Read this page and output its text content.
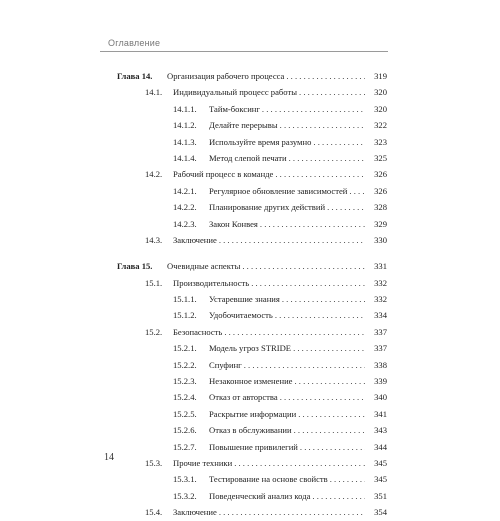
Оглавление
Глава 14. Организация рабочего процесса . . .	319
14.1. Индивидуальный процесс работы . . .	320
14.1.1. Тайм-боксинг . . .	320
14.1.2. Делайте перерывы . . .	322
14.1.3. Используйте время разумно . . .	323
14.1.4. Метод слепой печати . . .	325
14.2. Рабочий процесс в команде . . .	326
14.2.1. Регулярное обновление зависимостей . . .	326
14.2.2. Планирование других действий . . .	328
14.2.3. Закон Конвея . . .	329
14.3. Заключение . . .	330
Глава 15. Очевидные аспекты . . .	331
15.1. Производительность . . .	332
15.1.1. Устаревшие знания . . .	332
15.1.2. Удобочитаемость . . .	334
15.2. Безопасность . . .	337
15.2.1. Модель угроз STRIDE . . .	337
15.2.2. Спуфинг . . .	338
15.2.3. Незаконное изменение . . .	339
15.2.4. Отказ от авторства . . .	340
15.2.5. Раскрытие информации . . .	341
15.2.6. Отказ в обслуживании . . .	343
15.2.7. Повышение привилегий . . .	344
15.3. Прочие техники . . .	345
15.3.1. Тестирование на основе свойств . . .	345
15.3.2. Поведенческий анализ кода . . .	351
15.4. Заключение . . .	354
14
